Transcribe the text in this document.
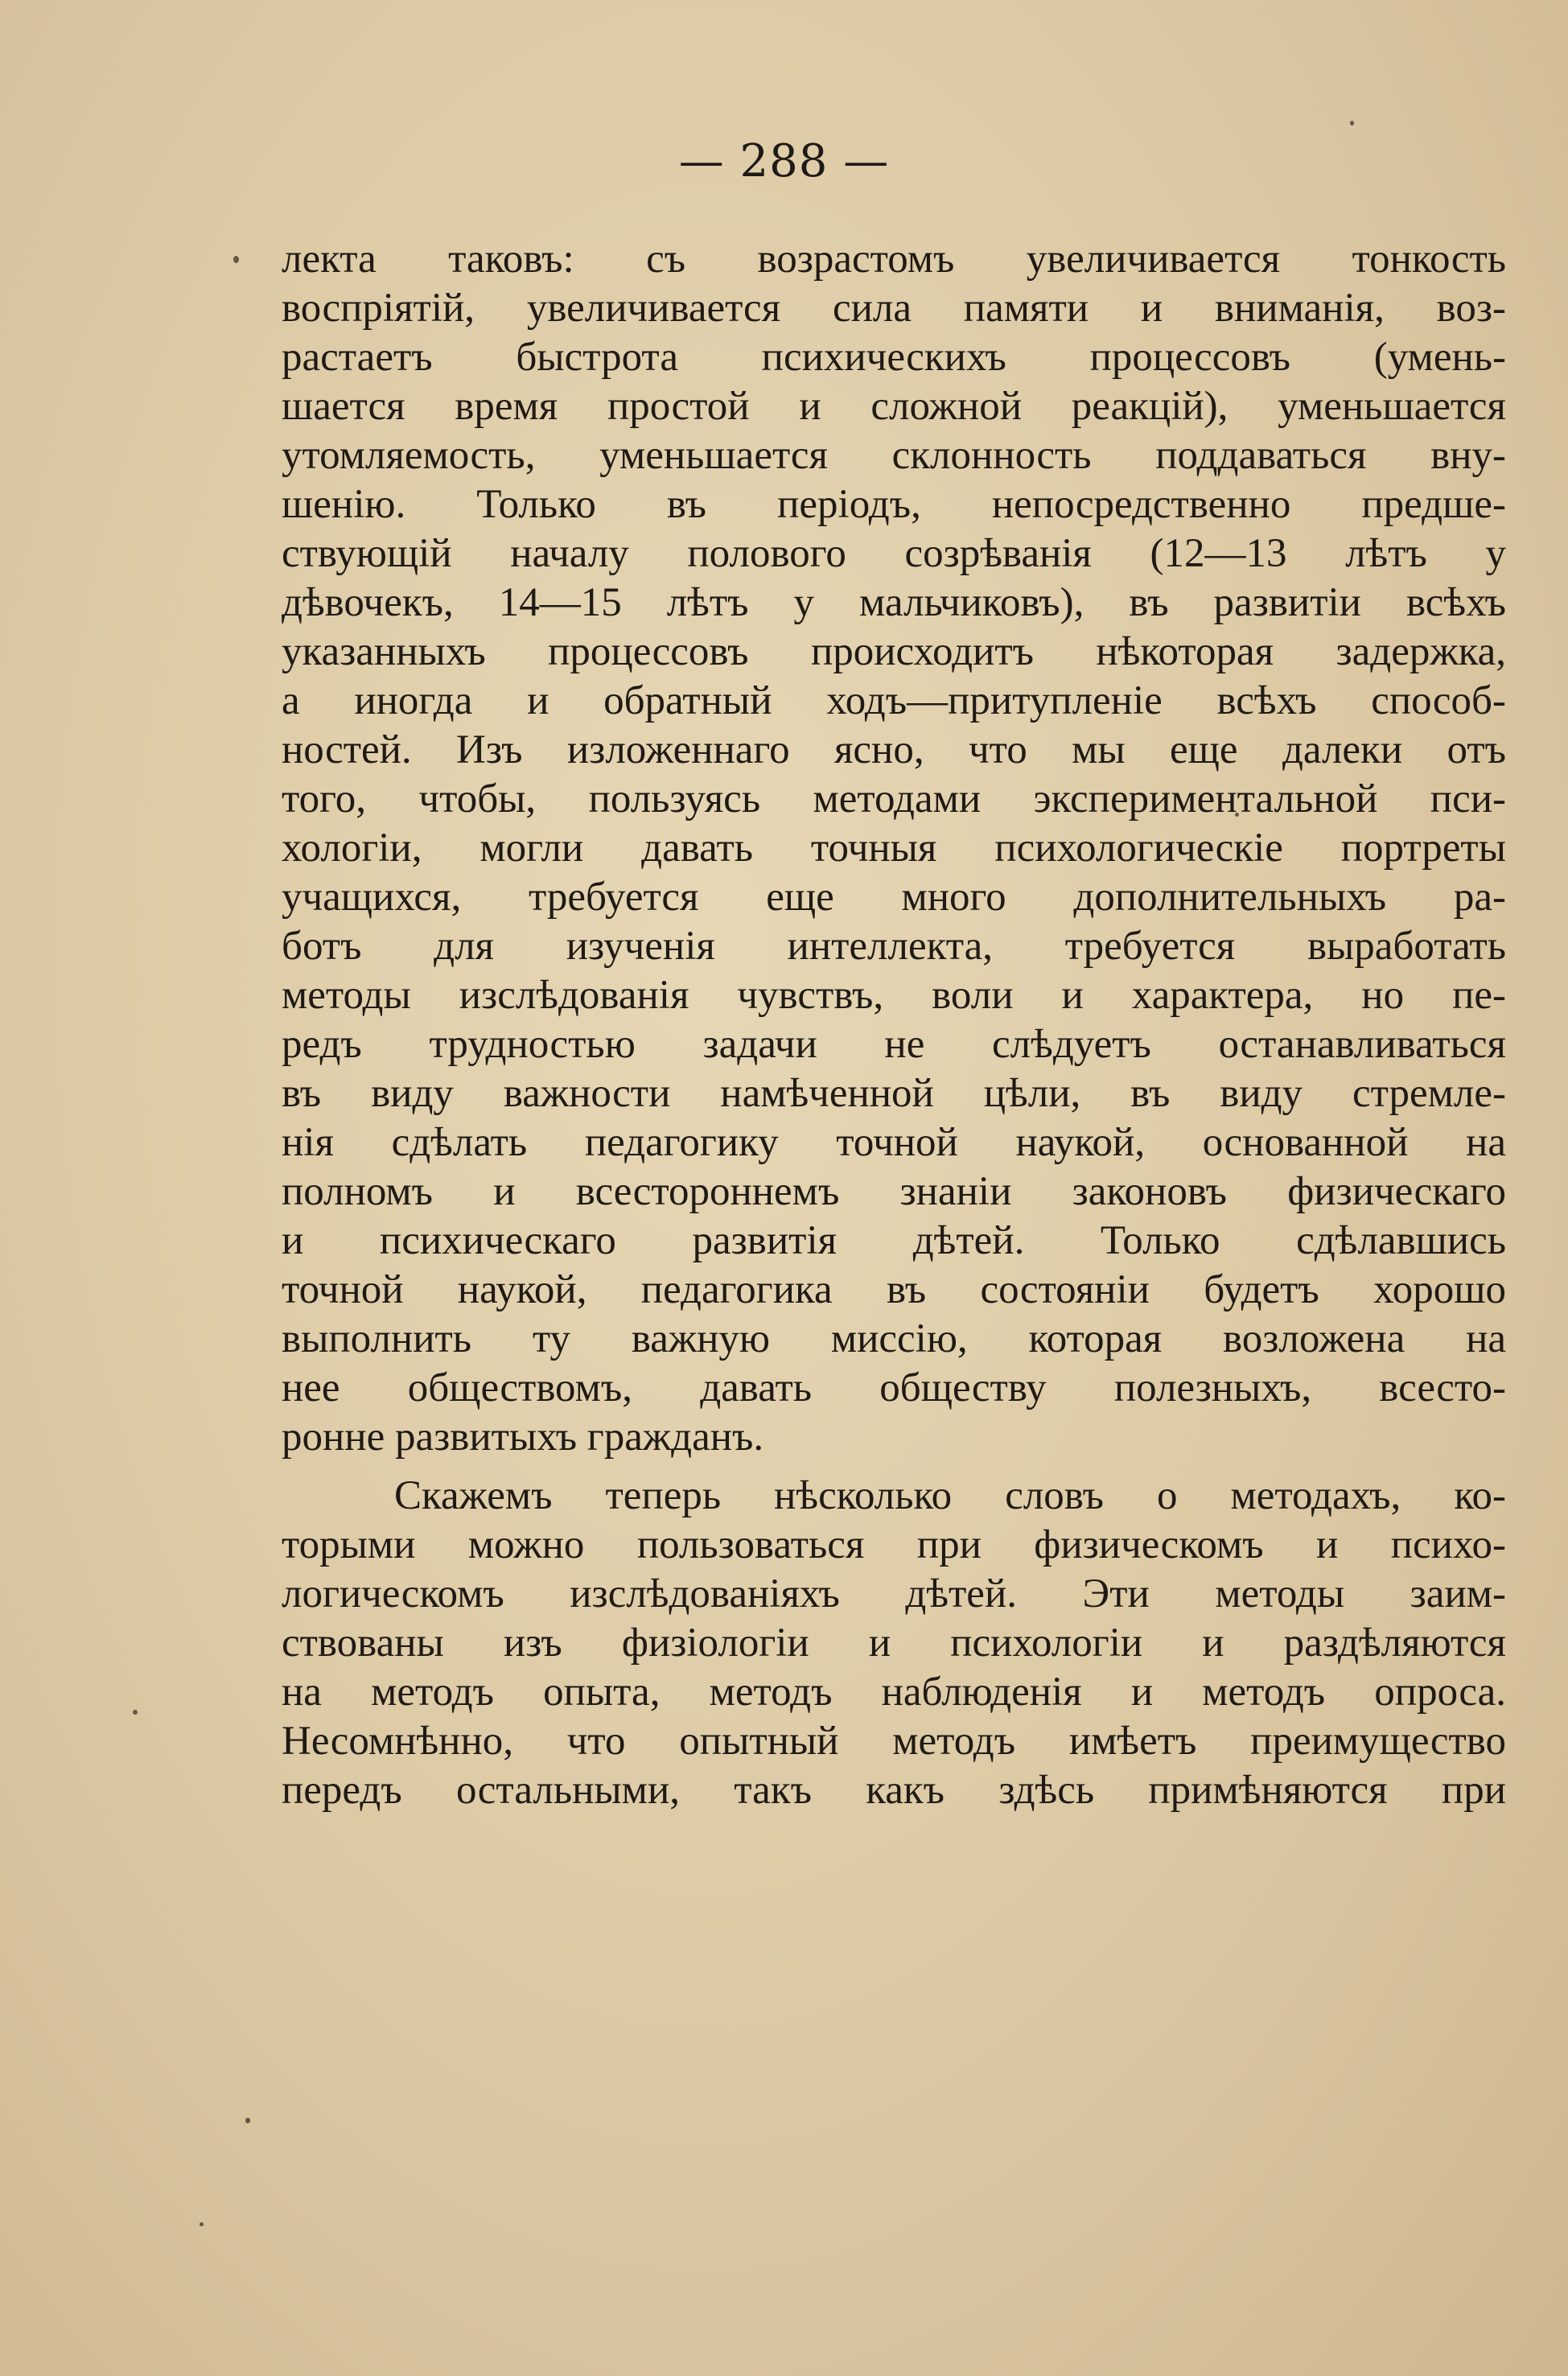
— 288 —

лекта таковъ: съ возрастомъ увеличивается тонкость
воспріятій, увеличивается сила памяти и вниманія, воз-
растаетъ быстрота психическихъ процессовъ (умень-
шается время простой и сложной реакцій), уменьшается
утомляемость, уменьшается склонность поддаваться вну-
шенію. Только въ періодъ, непосредственно предше-
ствующій началу полового созрѣванія (12—13 лѣтъ у
дѣвочекъ, 14—15 лѣтъ у мальчиковъ), въ развитіи всѣхъ
указанныхъ процессовъ происходитъ нѣкоторая задержка,
а иногда и обратный ходъ—притупленіе всѣхъ способ-
ностей. Изъ изложеннаго ясно, что мы еще далеки отъ
того, чтобы, пользуясь методами экспериментальной пси-
хологіи, могли давать точныя психологическіе портреты
учащихся, требуется еще много дополнительныхъ ра-
ботъ для изученія интеллекта, требуется выработать
методы изслѣдованія чувствъ, воли и характера, но пе-
редъ трудностью задачи не слѣдуетъ останавливаться
въ виду важности намѣченной цѣли, въ виду стремле-
нія сдѣлать педагогику точной наукой, основанной на
полномъ и всестороннемъ знаніи законовъ физическаго
и психическаго развитія дѣтей. Только сдѣлавшись
точной наукой, педагогика въ состояніи будетъ хорошо
выполнить ту важную миссію, которая возложена на
нее обществомъ, давать обществу полезныхъ, всесто-
ронне развитыхъ гражданъ.

Скажемъ теперь нѣсколько словъ о методахъ, ко-
торыми можно пользоваться при физическомъ и психо-
логическомъ изслѣдованіяхъ дѣтей. Эти методы заим-
ствованы изъ физіологіи и психологіи и раздѣляются
на методъ опыта, методъ наблюденія и методъ опроса.
Несомнѣнно, что опытный методъ имѣетъ преимущество
передъ остальными, такъ какъ здѣсь примѣняются при
